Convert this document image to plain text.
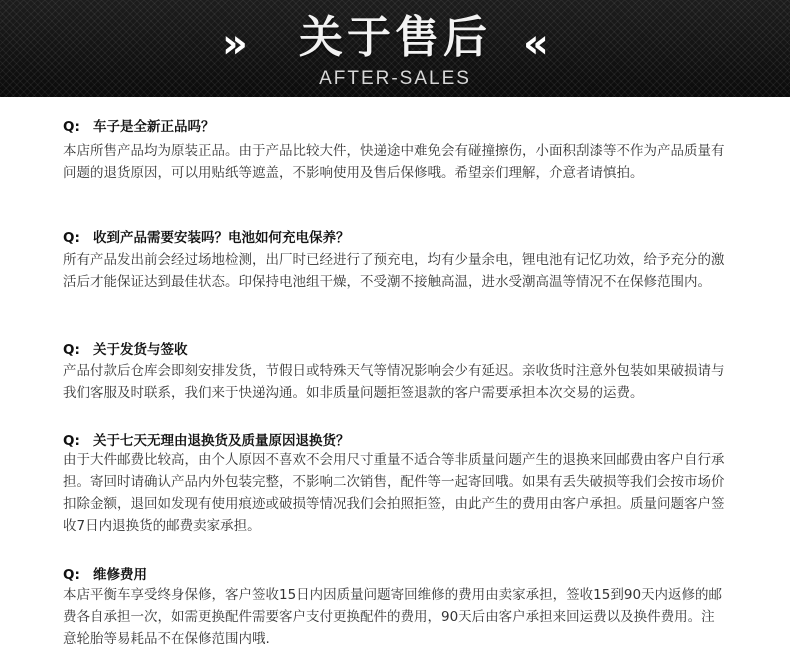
»	关于售后 «
AFTER-SALES
Q: 车子是全新正品吗？
本店所售产品均为原装正品。由于产品比较大件，快递途中难免会有碰撞擦伤，小面积刮漆等不作为产品质量有问题的退货原因，可以用贴纸等遮盖，不影响使用及售后保修哦。希望亲们理解，介意者请慎拍。
Q: 收到产品需要安装吗？电池如何充电保养？
所有产品发出前会经过场地检测，出厂时已经进行了预充电，均有少量余电，锂电池有记忆功效，给予充分的激活后才能保证达到最佳状态。印保持电池组干燥，不受潮不接触高温，进水受潮高温等情况不在保修范围内。
Q: 关于发货与签收
产品付款后仓库会即刻安排发货，节假日或特殊天气等情况影响会少有延迟。亲收货时注意外包装如果破损请与我们客服及时联系，我们来于快递沟通。如非质量问题拒签退款的客户需要承担本次交易的运费。
Q: 关于七天无理由退换货及质量原因退换货？
由于大件邮费比较高，由个人原因不喜欢不会用尺寸重量不适合等非质量问题产生的退换来回邮费由客户自行承担。寄回时请确认产品内外包装完整，不影响二次销售，配件等一起寄回哦。如果有丢失破损等我们会按市场价扣除金额，退回如发现有使用痕迹或破损等情况我们会拍照拒签，由此产生的费用由客户承担。质量问题客户签收7日内退换货的邮费卖家承担。
Q: 维修费用
本店平衡车享受终身保修，客户签收15日内因质量问题寄回维修的费用由卖家承担，签收15到90天内返修的邮费各自承担一次，如需更换配件需要客户支付更换配件的费用，90天后由客户承担来回运费以及换件费用。注意轮胎等易耗品不在保修范围内哦.
